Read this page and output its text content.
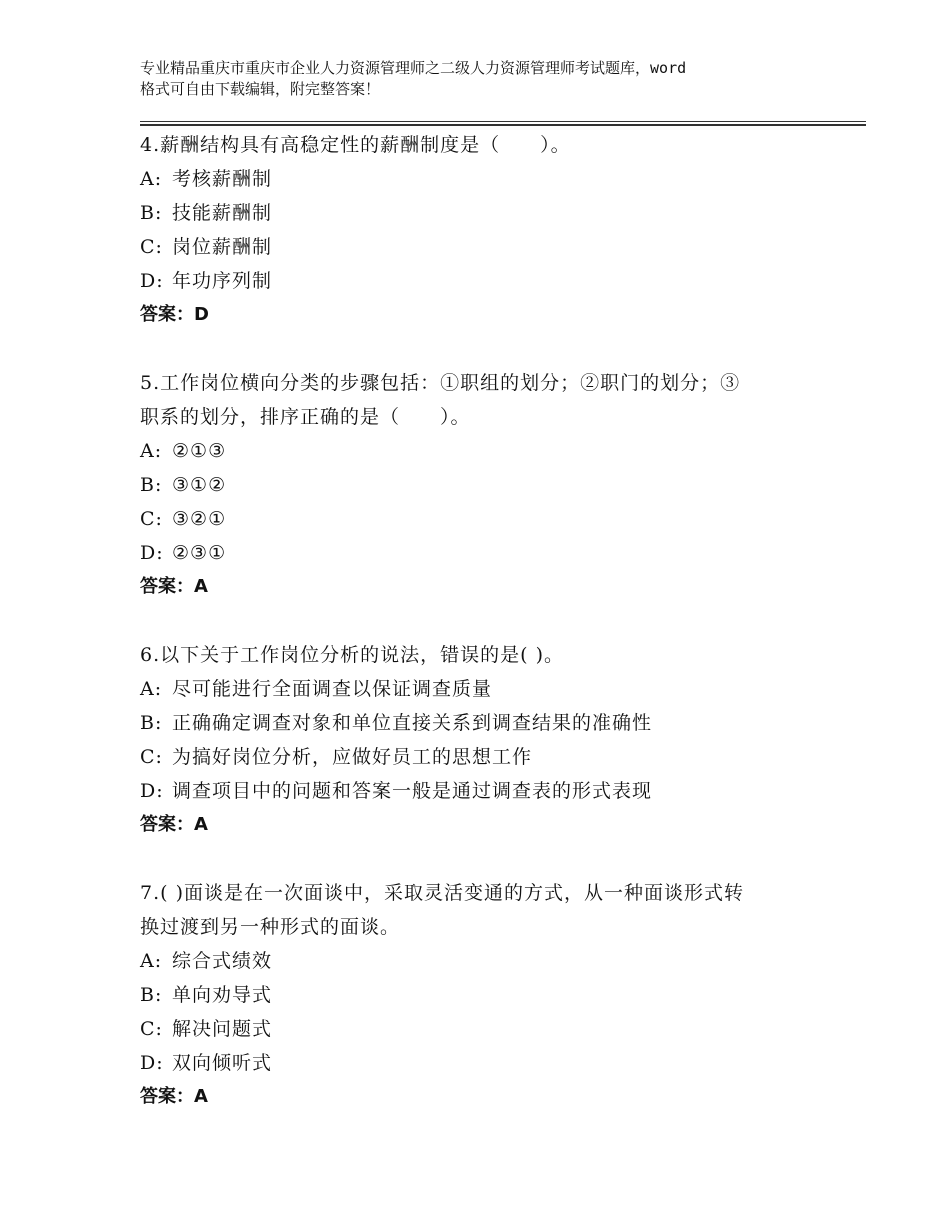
专业精品重庆市重庆市企业人力资源管理师之二级人力资源管理师考试题库，word
格式可自由下载编辑，附完整答案！
4.薪酬结构具有高稳定性的薪酬制度是（　　）。
A: 考核薪酬制
B: 技能薪酬制
C: 岗位薪酬制
D: 年功序列制
答案：D
5.工作岗位横向分类的步骤包括：①职组的划分；②职门的划分；③
职系的划分，排序正确的是（　　）。
A: ②①③
B: ③①②
C: ③②①
D: ②③①
答案：A
6.以下关于工作岗位分析的说法，错误的是( )。
A: 尽可能进行全面调查以保证调查质量
B: 正确确定调查对象和单位直接关系到调查结果的准确性
C: 为搞好岗位分析，应做好员工的思想工作
D: 调查项目中的问题和答案一般是通过调查表的形式表现
答案：A
7.( )面谈是在一次面谈中，采取灵活变通的方式，从一种面谈形式转
换过渡到另一种形式的面谈。
A: 综合式绩效
B: 单向劝导式
C: 解决问题式
D: 双向倾听式
答案：A
